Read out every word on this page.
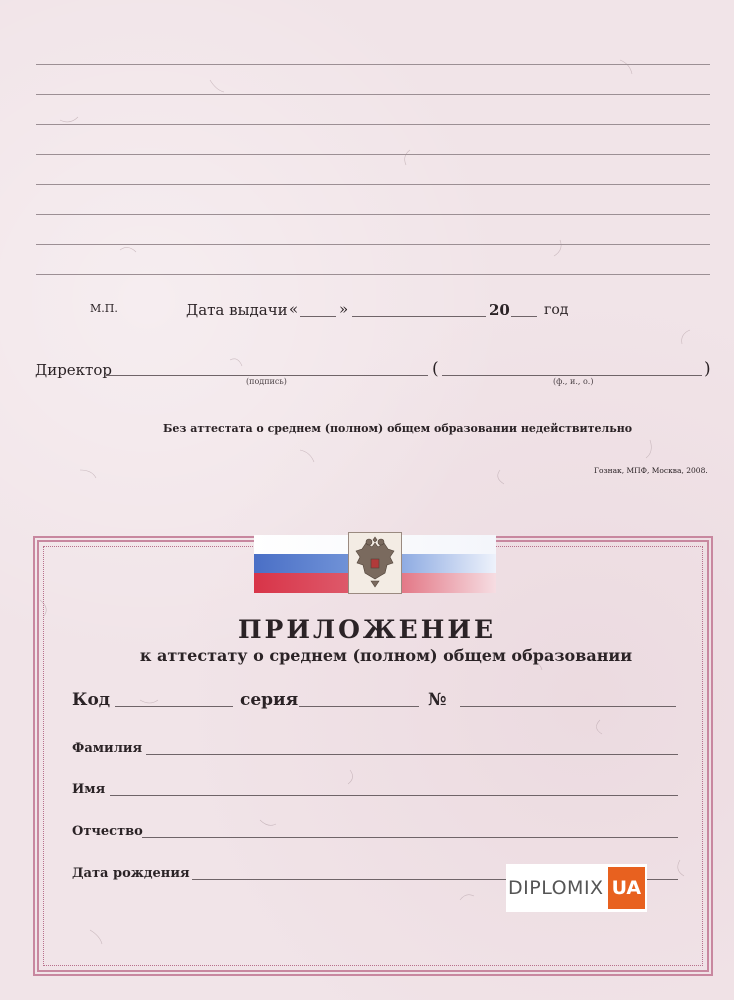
М.П.	Дата выдачи «	»	20 год
Директор
(подпись)
(
(ф., и., о.)
)
Без аттестата о среднем (полном) общем образовании недействительно
Гознак, МПФ, Москва, 2008.
ПРИЛОЖЕНИЕ
к аттестату о среднем (полном) общем образовании
Код	серия	№
Фамилия
Имя
Отчество
Дата рождения
DIPLOMIX UA
